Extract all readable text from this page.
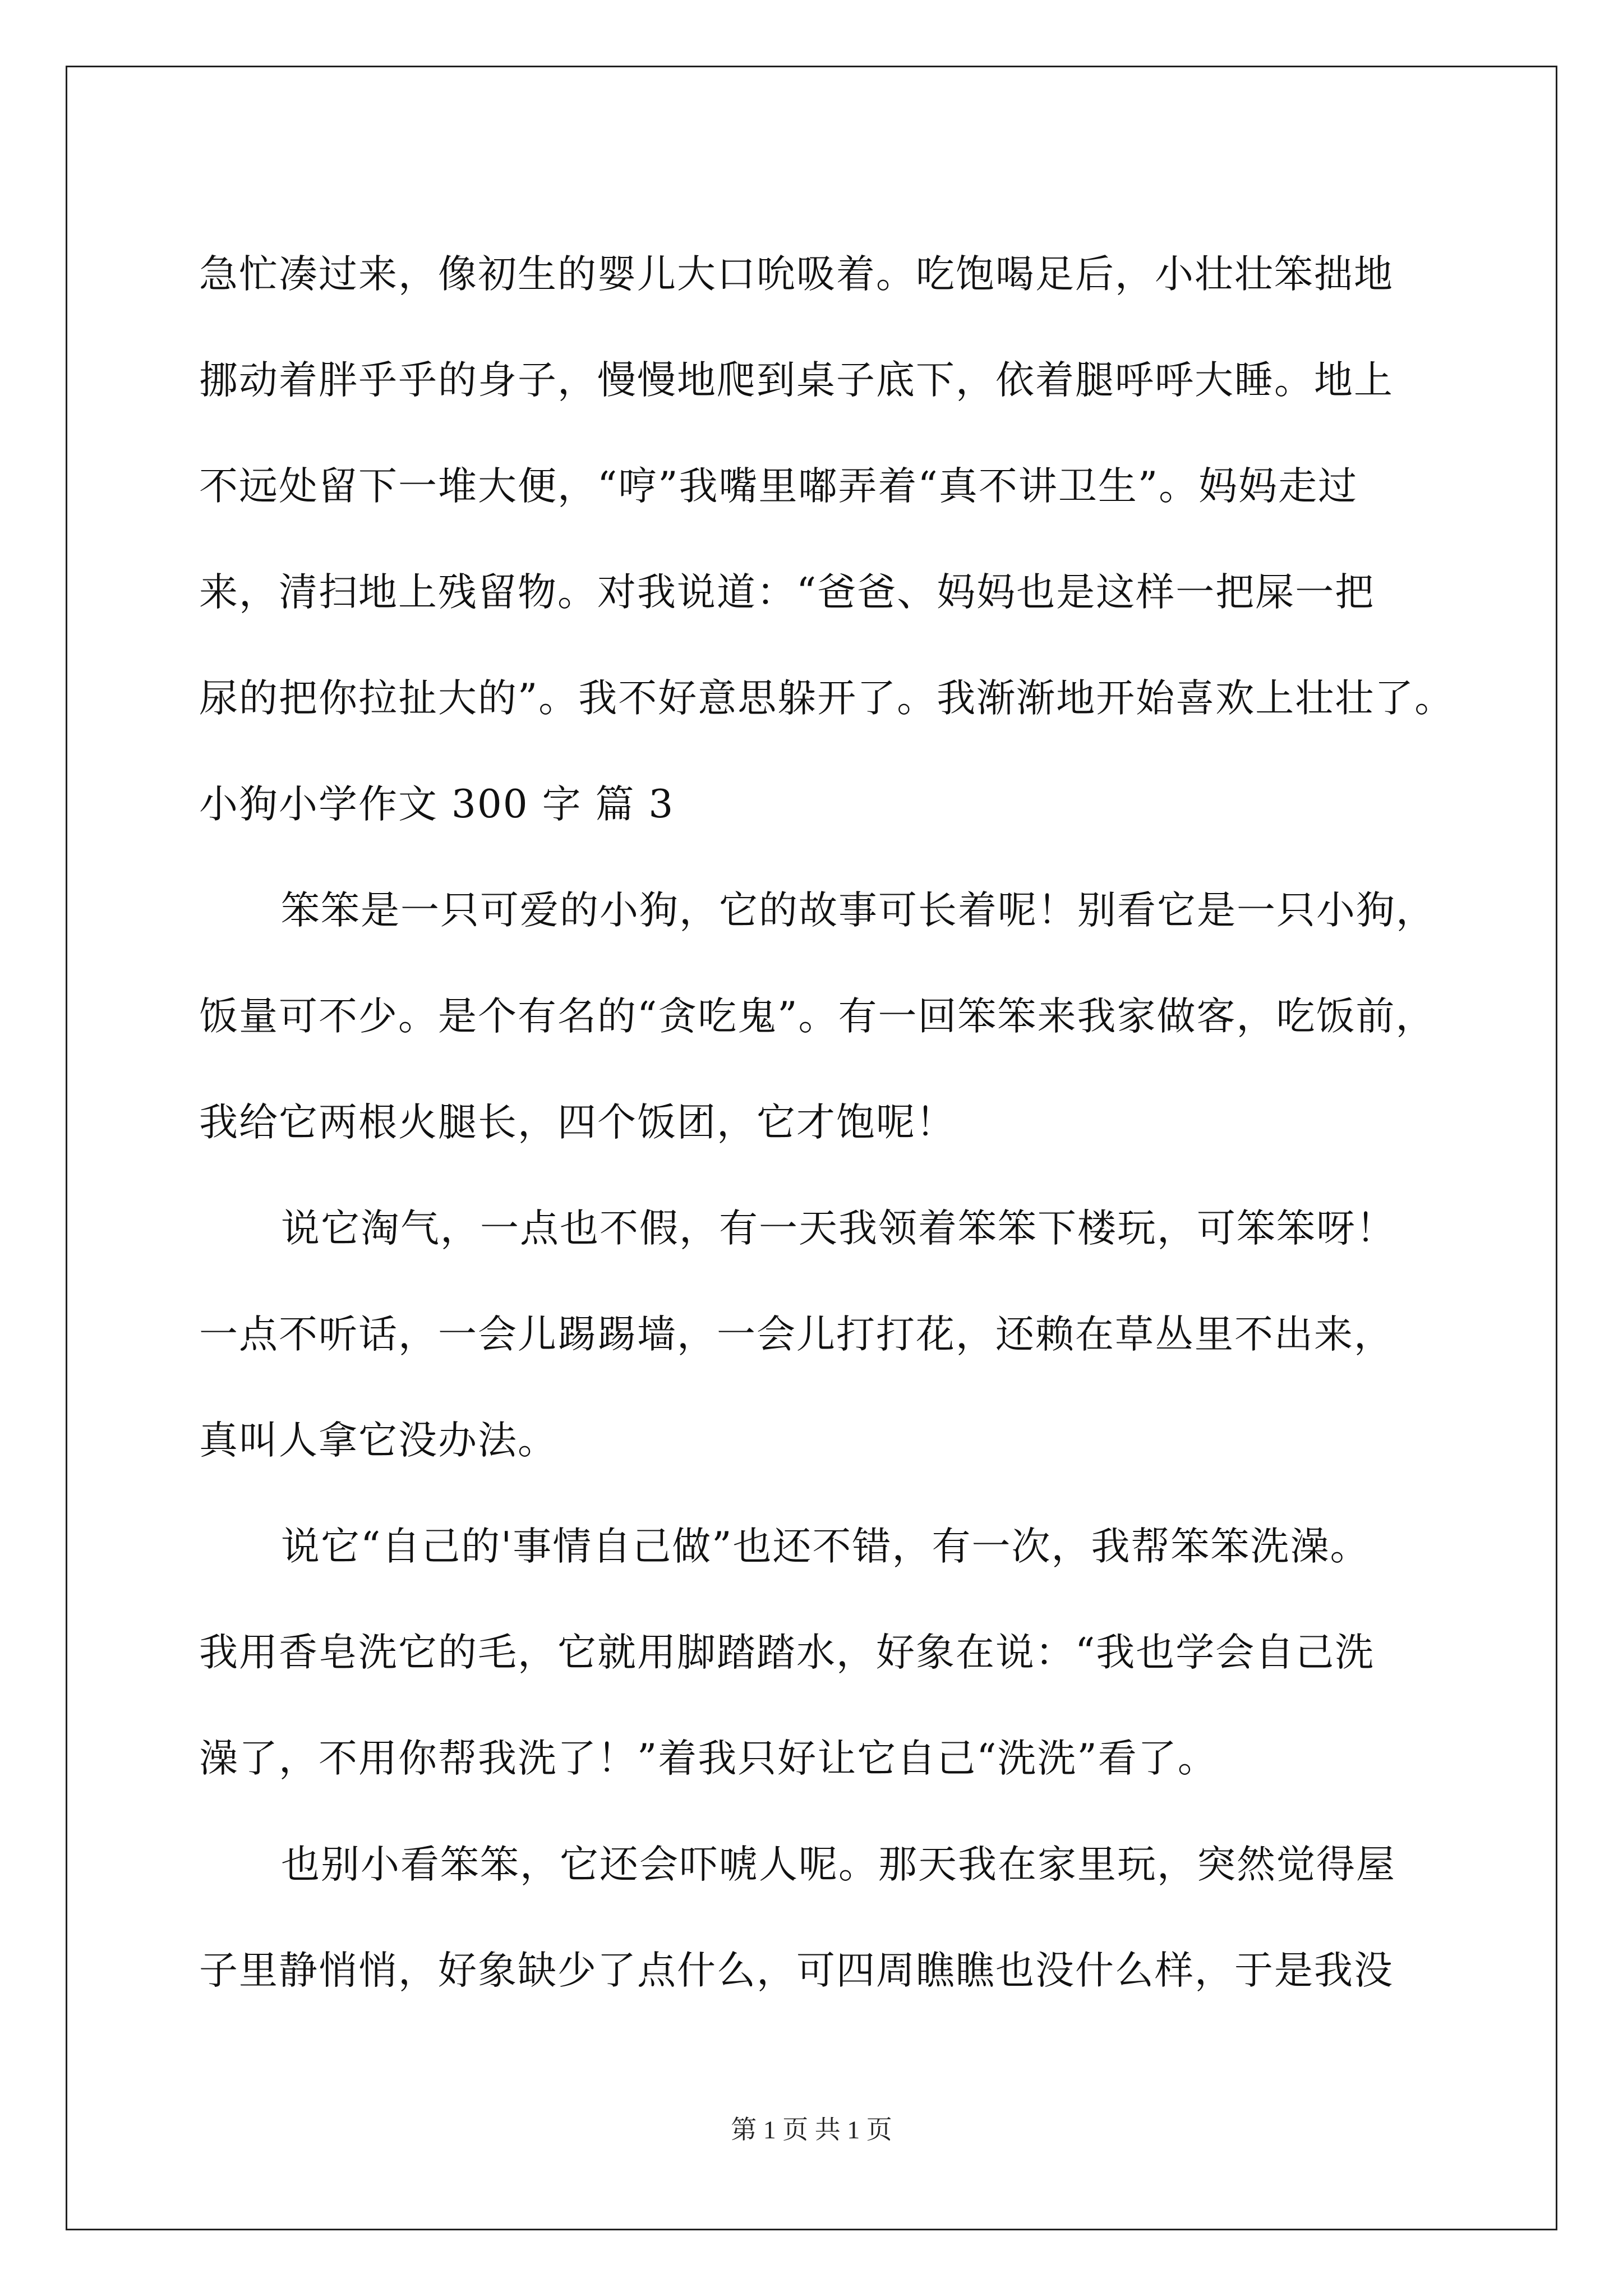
急忙凑过来，像初生的婴儿大口吮吸着。吃饱喝足后，小壮壮笨拙地
挪动着胖乎乎的身子，慢慢地爬到桌子底下，依着腿呼呼大睡。地上
不远处留下一堆大便，“哼”我嘴里嘟弄着“真不讲卫生”。妈妈走过
来，清扫地上残留物。对我说道：“爸爸、妈妈也是这样一把屎一把
尿的把你拉扯大的”。我不好意思躲开了。我渐渐地开始喜欢上壮壮了。
小狗小学作文 300 字 篇 3
笨笨是一只可爱的小狗，它的故事可长着呢！别看它是一只小狗，
饭量可不少。是个有名的“贪吃鬼”。有一回笨笨来我家做客，吃饭前，
我给它两根火腿长，四个饭团，它才饱呢！
说它淘气，一点也不假，有一天我领着笨笨下楼玩，可笨笨呀！
一点不听话，一会儿踢踢墙，一会儿打打花，还赖在草丛里不出来，
真叫人拿它没办法。
说它“自己的'事情自己做”也还不错，有一次，我帮笨笨洗澡。
我用香皂洗它的毛，它就用脚踏踏水，好象在说：“我也学会自己洗
澡了，不用你帮我洗了！”着我只好让它自己“洗洗”看了。
也别小看笨笨，它还会吓唬人呢。那天我在家里玩，突然觉得屋
子里静悄悄，好象缺少了点什么，可四周瞧瞧也没什么样，于是我没
第 1 页 共 1 页
